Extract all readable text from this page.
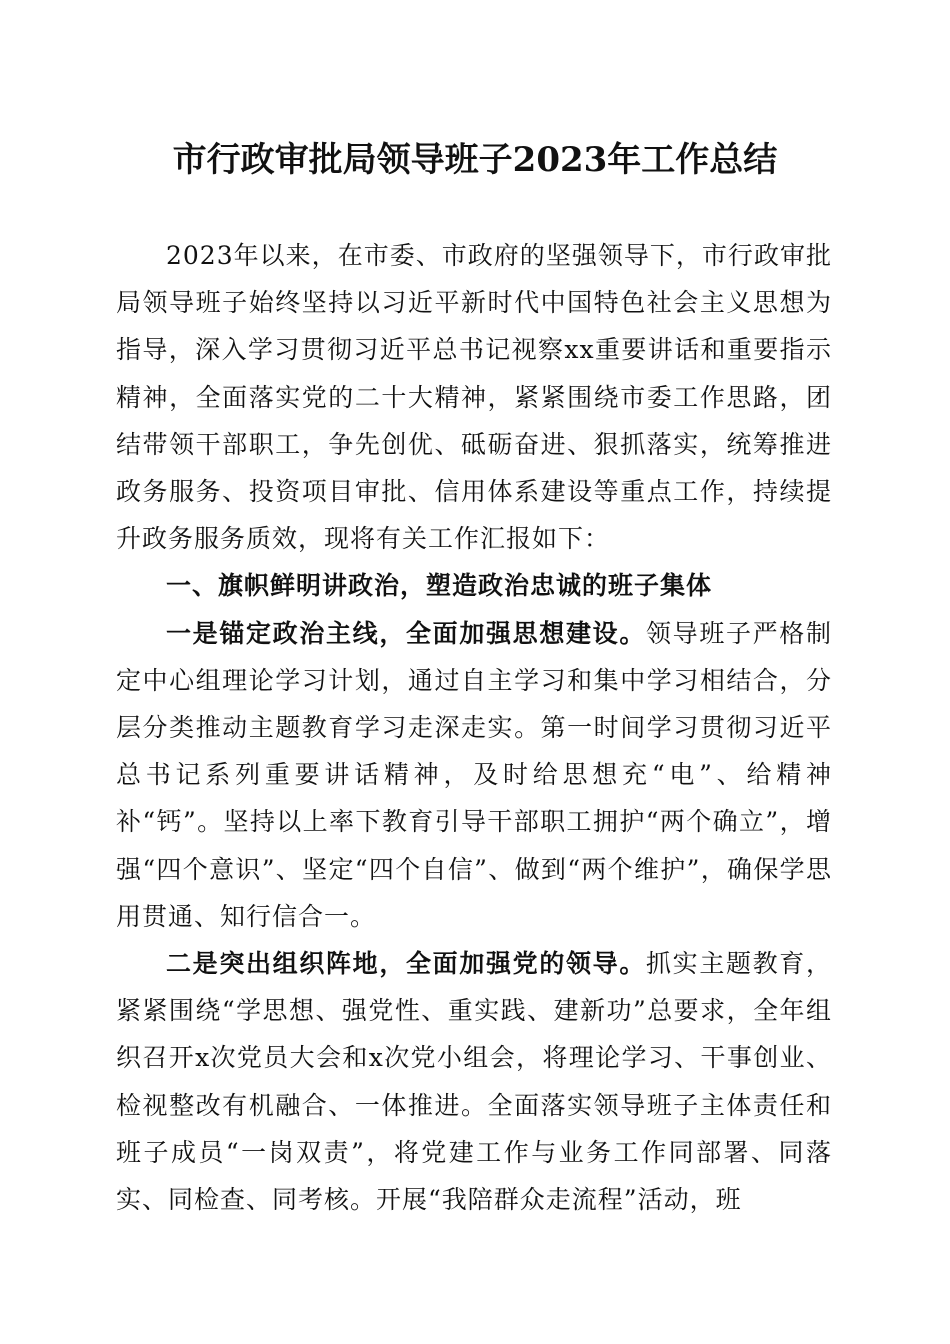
市行政审批局领导班子2023年工作总结

2023年以来，在市委、市政府的坚强领导下，市行政审批局领导班子始终坚持以习近平新时代中国特色社会主义思想为指导，深入学习贯彻习近平总书记视察xx重要讲话和重要指示精神，全面落实党的二十大精神，紧紧围绕市委工作思路，团结带领干部职工，争先创优、砥砺奋进、狠抓落实，统筹推进政务服务、投资项目审批、信用体系建设等重点工作，持续提升政务服务质效，现将有关工作汇报如下：

一、旗帜鲜明讲政治，塑造政治忠诚的班子集体

一是锚定政治主线，全面加强思想建设。领导班子严格制定中心组理论学习计划，通过自主学习和集中学习相结合，分层分类推动主题教育学习走深走实。第一时间学习贯彻习近平总书记系列重要讲话精神，及时给思想充“电”、给精神补“钙”。坚持以上率下教育引导干部职工拥护“两个确立”，增强“四个意识”、坚定“四个自信”、做到“两个维护”，确保学思用贯通、知行信合一。

二是突出组织阵地，全面加强党的领导。抓实主题教育，紧紧围绕“学思想、强党性、重实践、建新功”总要求，全年组织召开x次党员大会和x次党小组会，将理论学习、干事创业、检视整改有机融合、一体推进。全面落实领导班子主体责任和班子成员“一岗双责”，将党建工作与业务工作同部署、同落实、同检查、同考核。开展“我陪群众走流程”活动，班
